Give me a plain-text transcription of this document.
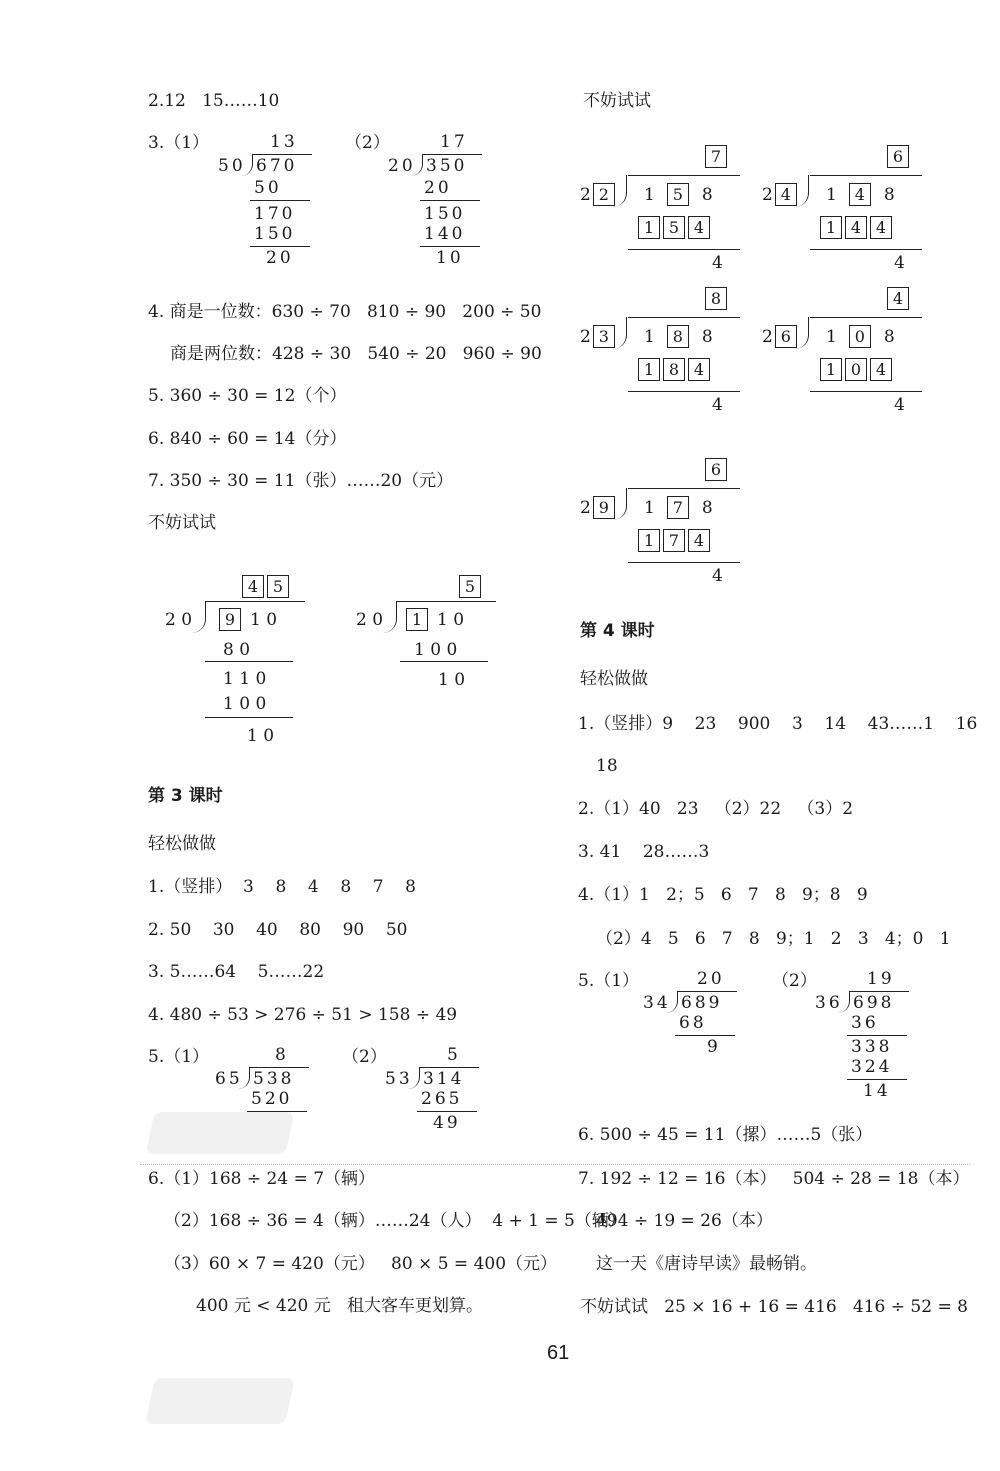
2.12   15……10
3.（1）	（2）
13
50 670
50
170
150
20
17
20 350
20
150
140
10
4. 商是一位数：630 ÷ 70   810 ÷ 90   200 ÷ 50
商是两位数：428 ÷ 30   540 ÷ 20   960 ÷ 90
5. 360 ÷ 30 = 12（个）
6. 840 ÷ 60 = 14（分）
7. 350 ÷ 30 = 11（张）……20（元）
不妨试试
4 5
2 0	9 1 0
8 0
1 1 0
1 0 0
1 0
5
2 0	1 1 0
1 0 0
1 0
第 3 课时
轻松做做
1.（竖排）  3    8    4    8    7    8
2. 50    30    40    80    90    50
3. 5……64    5……22
4. 480 ÷ 53 > 276 ÷ 51 > 158 ÷ 49
5.（1）	（2）
8
65 538
520
5
53 314
265
49
6.（1）168 ÷ 24 = 7（辆）
（2）168 ÷ 36 = 4（辆）……24（人）  4 + 1 = 5（辆）
（3）60 × 7 = 420（元）   80 × 5 = 400（元）
400 元 < 420 元   租大客车更划算。
不妨试试
7
2 2	1 5 8
1 5 4
4
6
2 4	1 4 8
1 4 4
4
8
2 3	1 8 8
1 8 4
4
4
2 6	1 0 8
1 0 4
4
6
2 9	1 7 8
1 7 4
4
第 4 课时
轻松做做
1.（竖排）9    23    900    3    14    43……1    16
18
2.（1）40   23   （2）22   （3）2
3. 41    28……3
4.（1）1   2；5   6   7   8   9；8   9
（2）4   5   6   7   8   9；1   2   3   4；0   1
5.（1）	（2）
20
34 689
68
9
19
36 698
36
338
324
14
6. 500 ÷ 45 = 11（摞）……5（张）
7. 192 ÷ 12 = 16（本）   504 ÷ 28 = 18（本）
494 ÷ 19 = 26（本）
这一天《唐诗早读》最畅销。
不妨试试   25 × 16 + 16 = 416   416 ÷ 52 = 8
61
